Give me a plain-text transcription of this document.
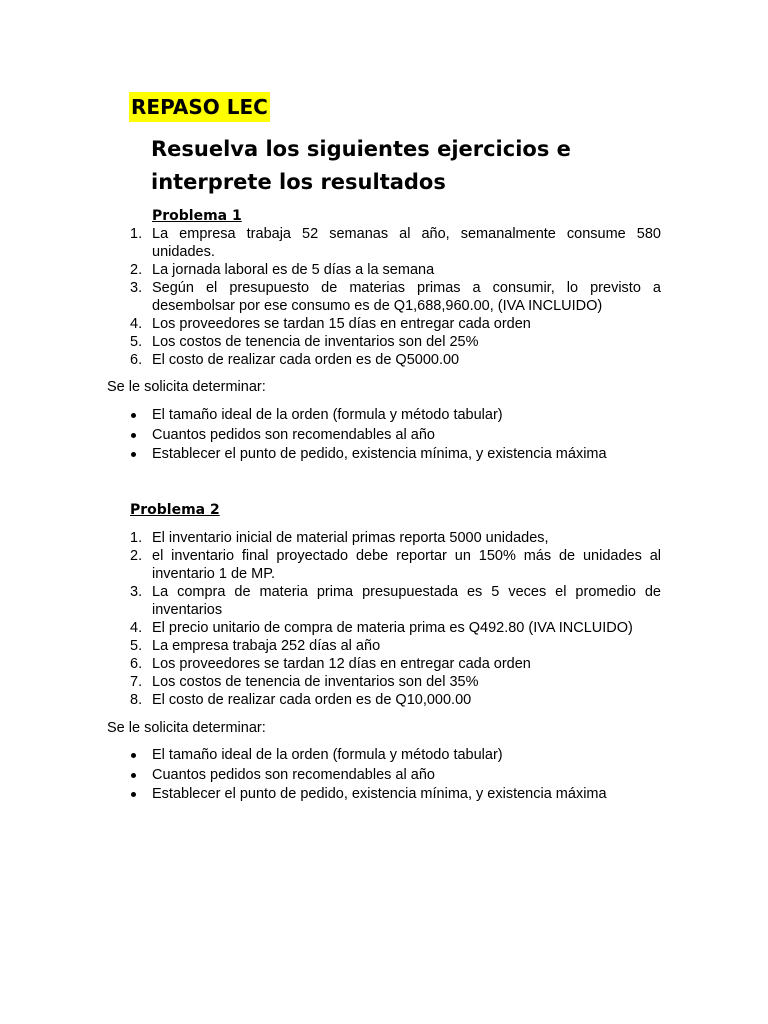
REPASO LEC
Resuelva los siguientes ejercicios e interprete los resultados
Problema 1
1. La empresa trabaja 52 semanas al año, semanalmente consume 580 unidades.
2. La jornada laboral es de 5 días a la semana
3. Según el presupuesto de materias primas a consumir, lo previsto a desembolsar por ese consumo es de Q1,688,960.00, (IVA INCLUIDO)
4. Los proveedores se tardan 15 días en entregar cada orden
5. Los costos de tenencia de inventarios son del 25%
6. El costo de realizar cada orden es de Q5000.00
Se le solicita determinar:
El tamaño ideal de la orden (formula y método tabular)
Cuantos pedidos son recomendables al año
Establecer el punto de pedido, existencia mínima, y existencia máxima
Problema 2
1. El inventario inicial de material primas reporta 5000 unidades,
2. el inventario final proyectado debe reportar un 150% más de unidades al inventario 1 de MP.
3. La compra de materia prima presupuestada es 5 veces el promedio de inventarios
4. El precio unitario de compra de materia prima es Q492.80 (IVA INCLUIDO)
5. La empresa trabaja 252 días al año
6. Los proveedores se tardan 12 días en entregar cada orden
7. Los costos de tenencia de inventarios son del 35%
8. El costo de realizar cada orden es de Q10,000.00
Se le solicita determinar:
El tamaño ideal de la orden (formula y método tabular)
Cuantos pedidos son recomendables al año
Establecer el punto de pedido, existencia mínima, y existencia máxima
